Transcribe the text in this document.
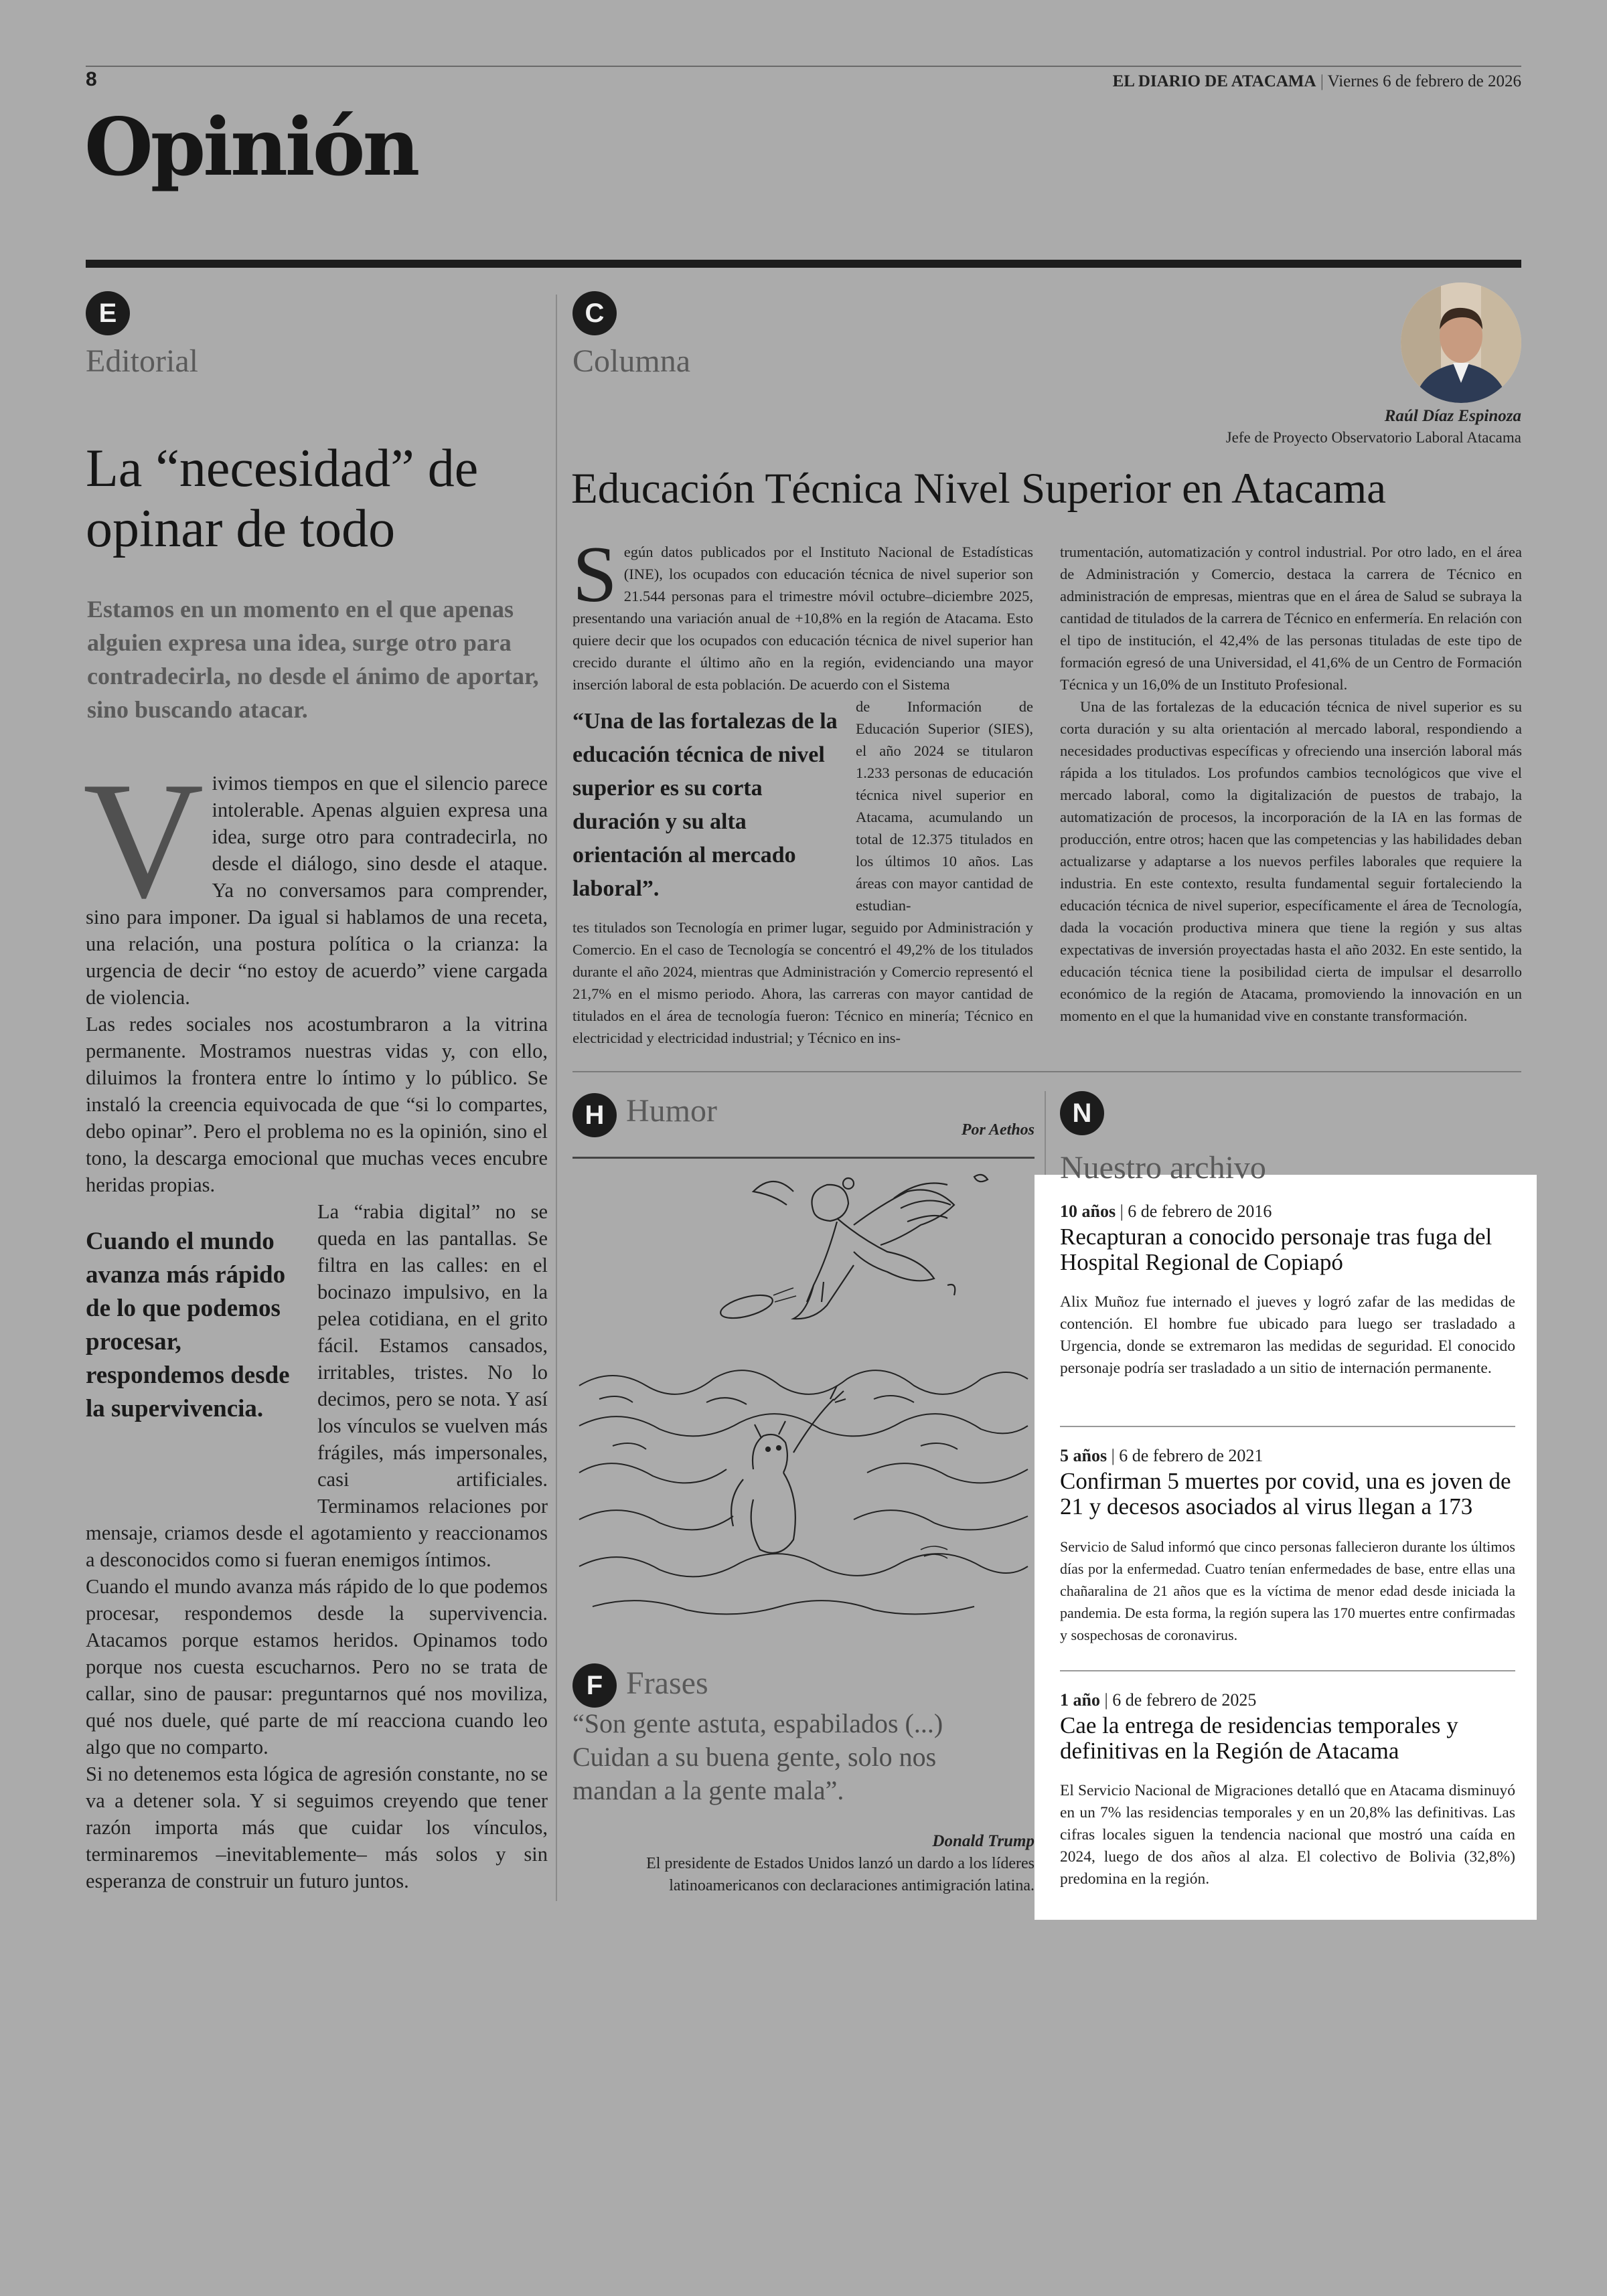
8	EL DIARIO DE ATACAMA | Viernes 6 de febrero de 2026
Opinión
E
Editorial
La “necesidad” de opinar de todo
Estamos en un momento en el que apenas alguien expresa una idea, surge otro para contradecirla, no desde el ánimo de aportar, sino buscando atacar.
V ivimos tiempos en que el silencio parece intolerable. Apenas alguien expresa una idea, surge otro para contradecirla, no desde el diálogo, sino desde el ataque. Ya no conversamos para comprender, sino para imponer. Da igual si hablamos de una receta, una relación, una postura política o la crianza: la urgencia de decir “no estoy de acuerdo” viene cargada de violencia.

Las redes sociales nos acostumbraron a la vitrina permanente. Mostramos nuestras vidas y, con ello, diluimos la frontera entre lo íntimo y lo público. Se instaló la creencia equivocada de que “si lo compartes, debo opinar”. Pero el problema no es la opinión, sino el tono, la descarga emocional que muchas veces encubre heridas propias.

Cuando el mundo avanza más rápido de lo que podemos procesar, respondemos desde la supervivencia.

La “rabia digital” no se queda en las pantallas. Se filtra en las calles: en el bocinazo impulsivo, en la pelea cotidiana, en el grito fácil. Estamos cansados, irritables, tristes. No lo decimos, pero se nota. Y así los vínculos se vuelven más frágiles, más impersonales, casi artificiales. Terminamos relaciones por mensaje, criamos desde el agotamiento y reaccionamos a desconocidos como si fueran enemigos íntimos.

Cuando el mundo avanza más rápido de lo que podemos procesar, respondemos desde la supervivencia. Atacamos porque estamos heridos. Opinamos todo porque nos cuesta escucharnos. Pero no se trata de callar, sino de pausar: preguntarnos qué nos moviliza, qué nos duele, qué parte de mí reacciona cuando leo algo que no comparto.

Si no detenemos esta lógica de agresión constante, no se va a detener sola. Y si seguimos creyendo que tener razón importa más que cuidar los vínculos, terminaremos –inevitablemente– más solos y sin esperanza de construir un futuro juntos.

C
Columna
Raúl Díaz Espinoza
Jefe de Proyecto Observatorio Laboral Atacama
Educación Técnica Nivel Superior en Atacama
S egún datos publicados por el Instituto Nacional de Estadísticas (INE), los ocupados con educación técnica de nivel superior son 21.544 personas para el trimestre móvil octubre–diciembre 2025, presentando una variación anual de +10,8% en la región de Atacama. Esto quiere decir que los ocupados con educación técnica de nivel superior han crecido durante el último año en la región, evidenciando una mayor inserción laboral de esta población. De acuerdo con el Sistema

“Una de las fortalezas de la educación técnica de nivel superior es su corta duración y su alta orientación al mercado laboral”.

de Información de Educación Superior (SIES), el año 2024 se titularon 1.233 personas de educación técnica nivel superior en Atacama, acumulando un total de 12.375 titulados en los últimos 10 años. Las áreas con mayor cantidad de estudian-

tes titulados son Tecnología en primer lugar, seguido por Administración y Comercio. En el caso de Tecnología se concentró el 49,2% de los titulados durante el año 2024, mientras que Administración y Comercio representó el 21,7% en el mismo periodo. Ahora, las carreras con mayor cantidad de titulados en el área de tecnología fueron: Técnico en minería; Técnico en electricidad y electricidad industrial; y Técnico en ins-

trumentación, automatización y control industrial. Por otro lado, en el área de Administración y Comercio, destaca la carrera de Técnico en administración de empresas, mientras que en el área de Salud se subraya la cantidad de titulados de la carrera de Técnico en enfermería. En relación con el tipo de institución, el 42,4% de las personas tituladas de este tipo de formación egresó de una Universidad, el 41,6% de un Centro de Formación Técnica y un 16,0% de un Instituto Profesional.

Una de las fortalezas de la educación técnica de nivel superior es su corta duración y su alta orientación al mercado laboral, respondiendo a necesidades productivas específicas y ofreciendo una inserción laboral más rápida a los titulados. Los profundos cambios tecnológicos que vive el mercado laboral, como la digitalización de puestos de trabajo, la automatización de procesos, la incorporación de la IA en las formas de producción, entre otros; hacen que las competencias y las habilidades deban actualizarse y adaptarse a los nuevos perfiles laborales que requiere la industria. En este contexto, resulta fundamental seguir fortaleciendo la educación técnica de nivel superior, específicamente el área de Tecnología, dada la vocación productiva minera que tiene la región y sus altas expectativas de inversión proyectadas hasta el año 2032. En este sentido, la educación técnica tiene la posibilidad cierta de impulsar el desarrollo económico de la región de Atacama, promoviendo la innovación en un momento en el que la humanidad vive en constante transformación.

H Humor
Por Aethos
F Frases
“Son gente astuta, espabilados (...) Cuidan a su buena gente, solo nos mandan a la gente mala”.
Donald Trump
El presidente de Estados Unidos lanzó un dardo a los líderes latinoamericanos con declaraciones antimigración latina.
N
Nuestro archivo
10 años | 6 de febrero de 2016
Recapturan a conocido personaje tras fuga del Hospital Regional de Copiapó
Alix Muñoz fue internado el jueves y logró zafar de las medidas de contención. El hombre fue ubicado para luego ser trasladado a Urgencia, donde se extremaron las medidas de seguridad. El conocido personaje podría ser trasladado a un sitio de internación permanente.
5 años | 6 de febrero de 2021
Confirman 5 muertes por covid, una es joven de 21 y decesos asociados al virus llegan a 173
Servicio de Salud informó que cinco personas fallecieron durante los últimos días por la enfermedad. Cuatro tenían enfermedades de base, entre ellas una chañaralina de 21 años que es la víctima de menor edad desde iniciada la pandemia. De esta forma, la región supera las 170 muertes entre confirmadas y sospechosas de coronavirus.
1 año | 6 de febrero de 2025
Cae la entrega de residencias temporales y definitivas en la Región de Atacama
El Servicio Nacional de Migraciones detalló que en Atacama disminuyó en un 7% las residencias temporales y en un 20,8% las definitivas. Las cifras locales siguen la tendencia nacional que mostró una caída en 2024, luego de dos años al alza. El colectivo de Bolivia (32,8%) predomina en la región.
